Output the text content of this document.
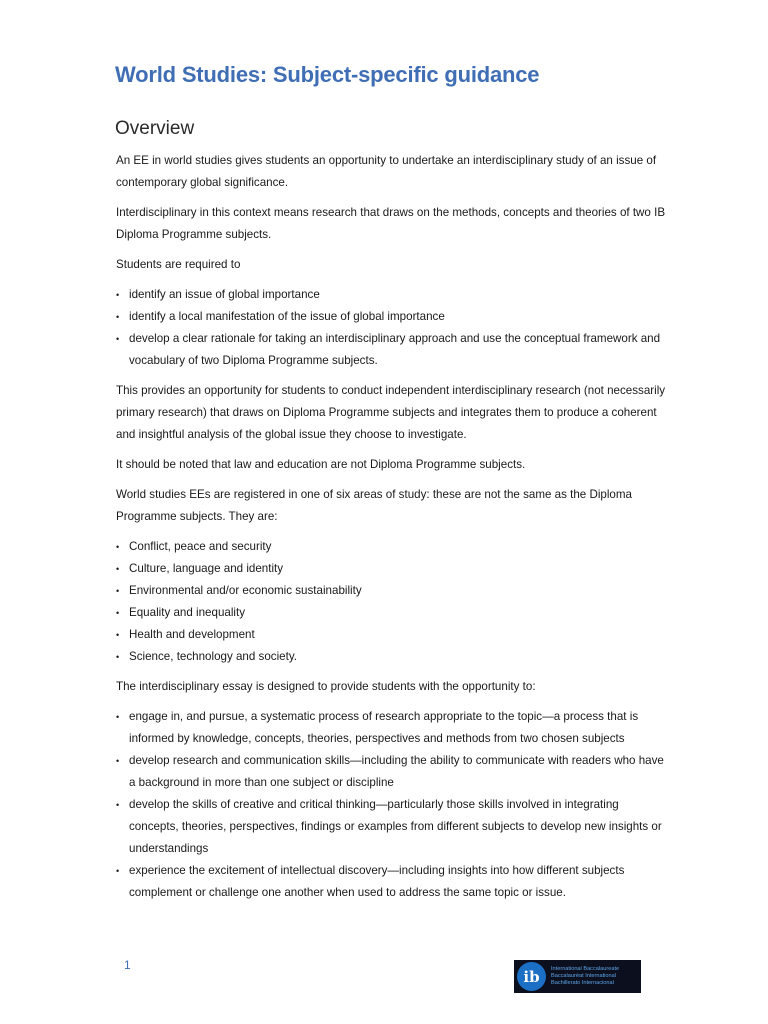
World Studies: Subject-specific guidance
Overview

An EE in world studies gives students an opportunity to undertake an interdisciplinary study of an issue of contemporary global significance.

Interdisciplinary in this context means research that draws on the methods, concepts and theories of two IB Diploma Programme subjects.

Students are required to

• identify an issue of global importance
• identify a local manifestation of the issue of global importance
• develop a clear rationale for taking an interdisciplinary approach and use the conceptual framework and vocabulary of two Diploma Programme subjects.

This provides an opportunity for students to conduct independent interdisciplinary research (not necessarily primary research) that draws on Diploma Programme subjects and integrates them to produce a coherent and insightful analysis of the global issue they choose to investigate.

It should be noted that law and education are not Diploma Programme subjects.

World studies EEs are registered in one of six areas of study: these are not the same as the Diploma Programme subjects. They are:

• Conflict, peace and security
• Culture, language and identity
• Environmental and/or economic sustainability
• Equality and inequality
• Health and development
• Science, technology and society.

The interdisciplinary essay is designed to provide students with the opportunity to:

• engage in, and pursue, a systematic process of research appropriate to the topic—a process that is informed by knowledge, concepts, theories, perspectives and methods from two chosen subjects
• develop research and communication skills—including the ability to communicate with readers who have a background in more than one subject or discipline
• develop the skills of creative and critical thinking—particularly those skills involved in integrating concepts, theories, perspectives, findings or examples from different subjects to develop new insights or understandings
• experience the excitement of intellectual discovery—including insights into how different subjects complement or challenge one another when used to address the same topic or issue.
1
ib International Baccalaureate
Baccalauréat International
Bachillerato Internacional
